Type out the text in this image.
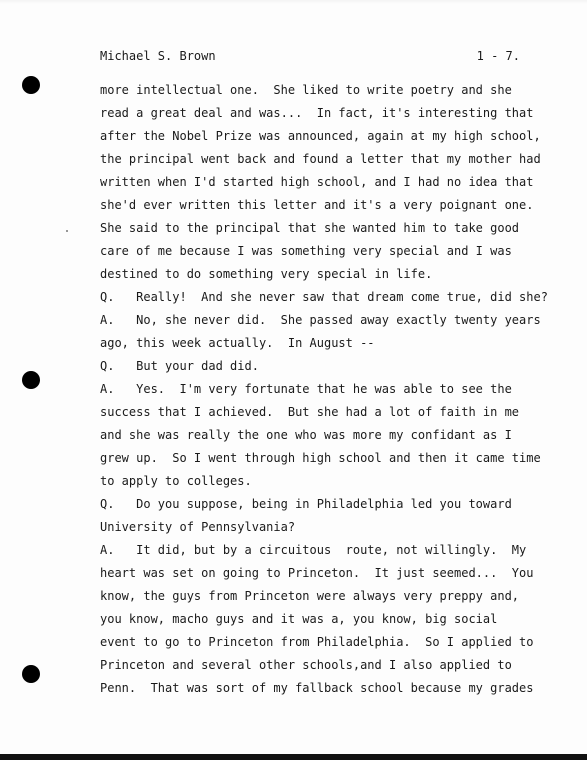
Michael S. Brown	1 - 7.
more intellectual one.  She liked to write poetry and she
read a great deal and was...  In fact, it's interesting that
after the Nobel Prize was announced, again at my high school,
the principal went back and found a letter that my mother had
written when I'd started high school, and I had no idea that
she'd ever written this letter and it's a very poignant one.
She said to the principal that she wanted him to take good
care of me because I was something very special and I was
destined to do something very special in life.
Q.   Really!  And she never saw that dream come true, did she?
A.   No, she never did.  She passed away exactly twenty years
ago, this week actually.  In August --
Q.   But your dad did.
A.   Yes.  I'm very fortunate that he was able to see the
success that I achieved.  But she had a lot of faith in me
and she was really the one who was more my confidant as I
grew up.  So I went through high school and then it came time
to apply to colleges.
Q.   Do you suppose, being in Philadelphia led you toward
University of Pennsylvania?
A.   It did, but by a circuitous  route, not willingly.  My
heart was set on going to Princeton.  It just seemed...  You
know, the guys from Princeton were always very preppy and,
you know, macho guys and it was a, you know, big social
event to go to Princeton from Philadelphia.  So I applied to
Princeton and several other schools,and I also applied to
Penn.  That was sort of my fallback school because my grades
